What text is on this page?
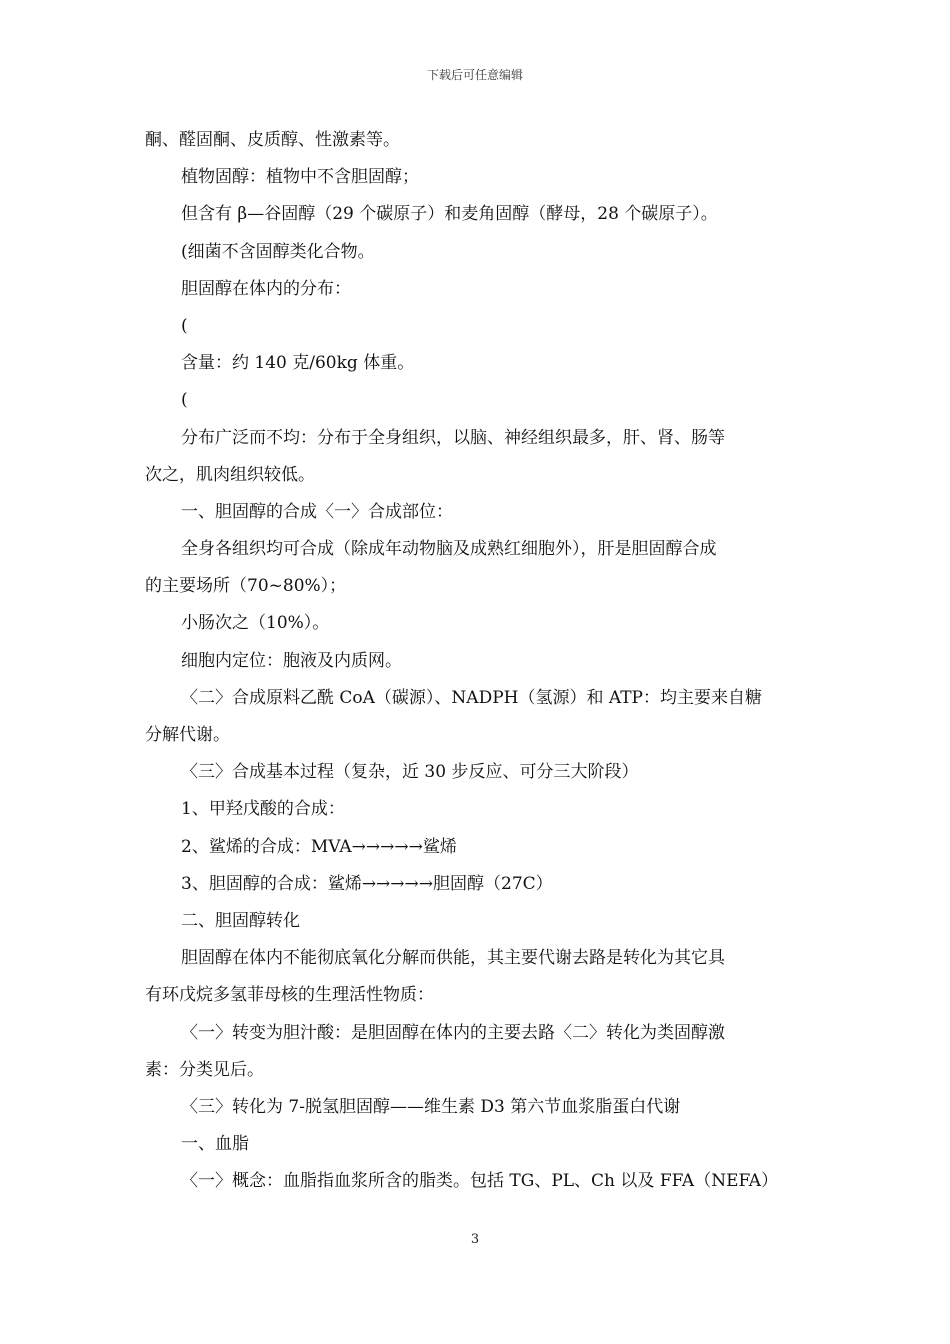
下载后可任意编辑
酮、醛固酮、皮质醇、性激素等。
植物固醇：植物中不含胆固醇；
但含有 β—谷固醇（29 个碳原子）和麦角固醇（酵母，28 个碳原子）。
(细菌不含固醇类化合物。
胆固醇在体内的分布：
(
含量：约 140 克/60kg 体重。
(
分布广泛而不均：分布于全身组织，以脑、神经组织最多，肝、肾、肠等
次之，肌肉组织较低。
一、胆固醇的合成〈一〉合成部位：
全身各组织均可合成（除成年动物脑及成熟红细胞外），肝是胆固醇合成
的主要场所（70~80%）；
小肠次之（10%）。
细胞内定位：胞液及内质网。
〈二〉合成原料乙酰 CoA（碳源）、NADPH（氢源）和 ATP：均主要来自糖
分解代谢。
〈三〉合成基本过程（复杂，近 30 步反应、可分三大阶段）
1、甲羟戊酸的合成：
2、鲨烯的合成：MVA→→→→→鲨烯
3、胆固醇的合成：鲨烯→→→→→胆固醇（27C）
二、胆固醇转化
胆固醇在体内不能彻底氧化分解而供能，其主要代谢去路是转化为其它具
有环戊烷多氢菲母核的生理活性物质：
〈一〉转变为胆汁酸：是胆固醇在体内的主要去路〈二〉转化为类固醇激
素：分类见后。
〈三〉转化为 7-脱氢胆固醇——维生素 D3 第六节血浆脂蛋白代谢
一、血脂
〈一〉概念：血脂指血浆所含的脂类。包括 TG、PL、Ch 以及 FFA（NEFA）
3
